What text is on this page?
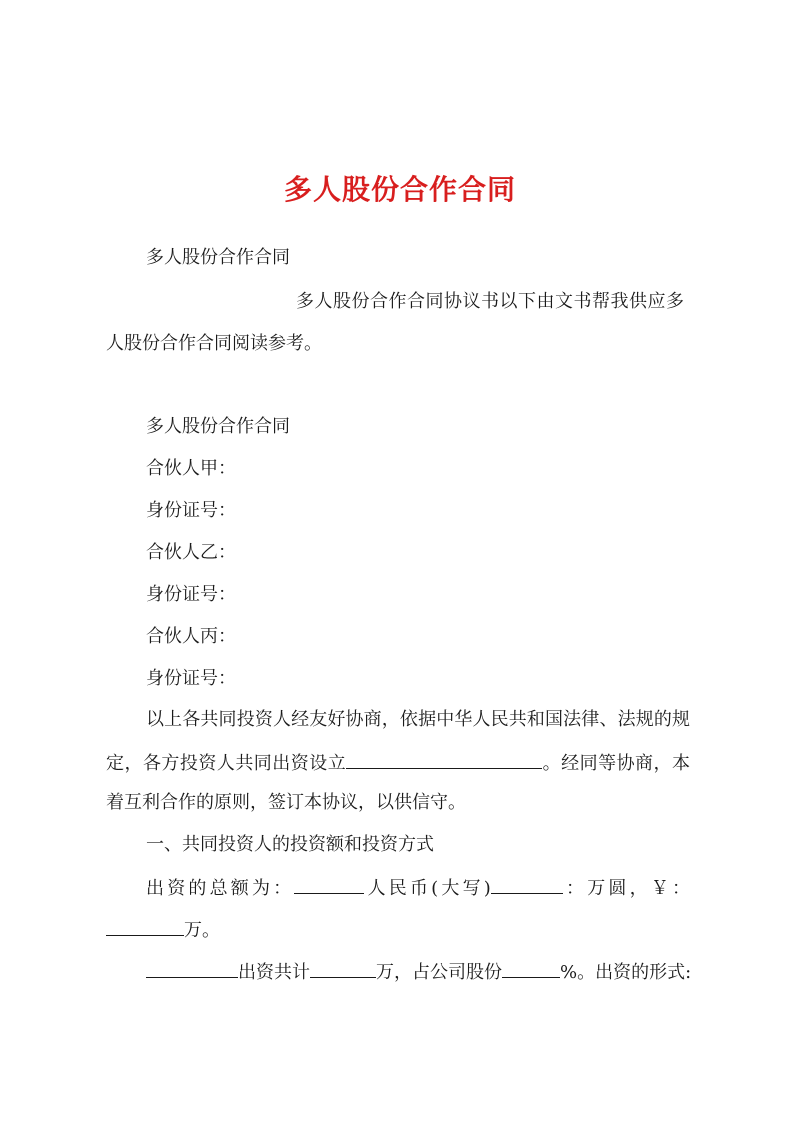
多人股份合作合同
多人股份合作合同
多人股份合作合同协议书以下由文书帮我供应多
人股份合作合同阅读参考。
多人股份合作合同
合伙人甲：
身份证号：
合伙人乙：
身份证号：
合伙人丙：
身份证号：
以上各共同投资人经友好协商，依据中华人民共和国法律、法规的规
定，各方投资人共同出资设立	。经同等协商，本
着互利合作的原则，签订本协议，以供信守。
一、共同投资人的投资额和投资方式
出资的总额为：	人民币(大写)	：万圆，￥：
万。
出资共计	万，占公司股份	%。出资的形式:
